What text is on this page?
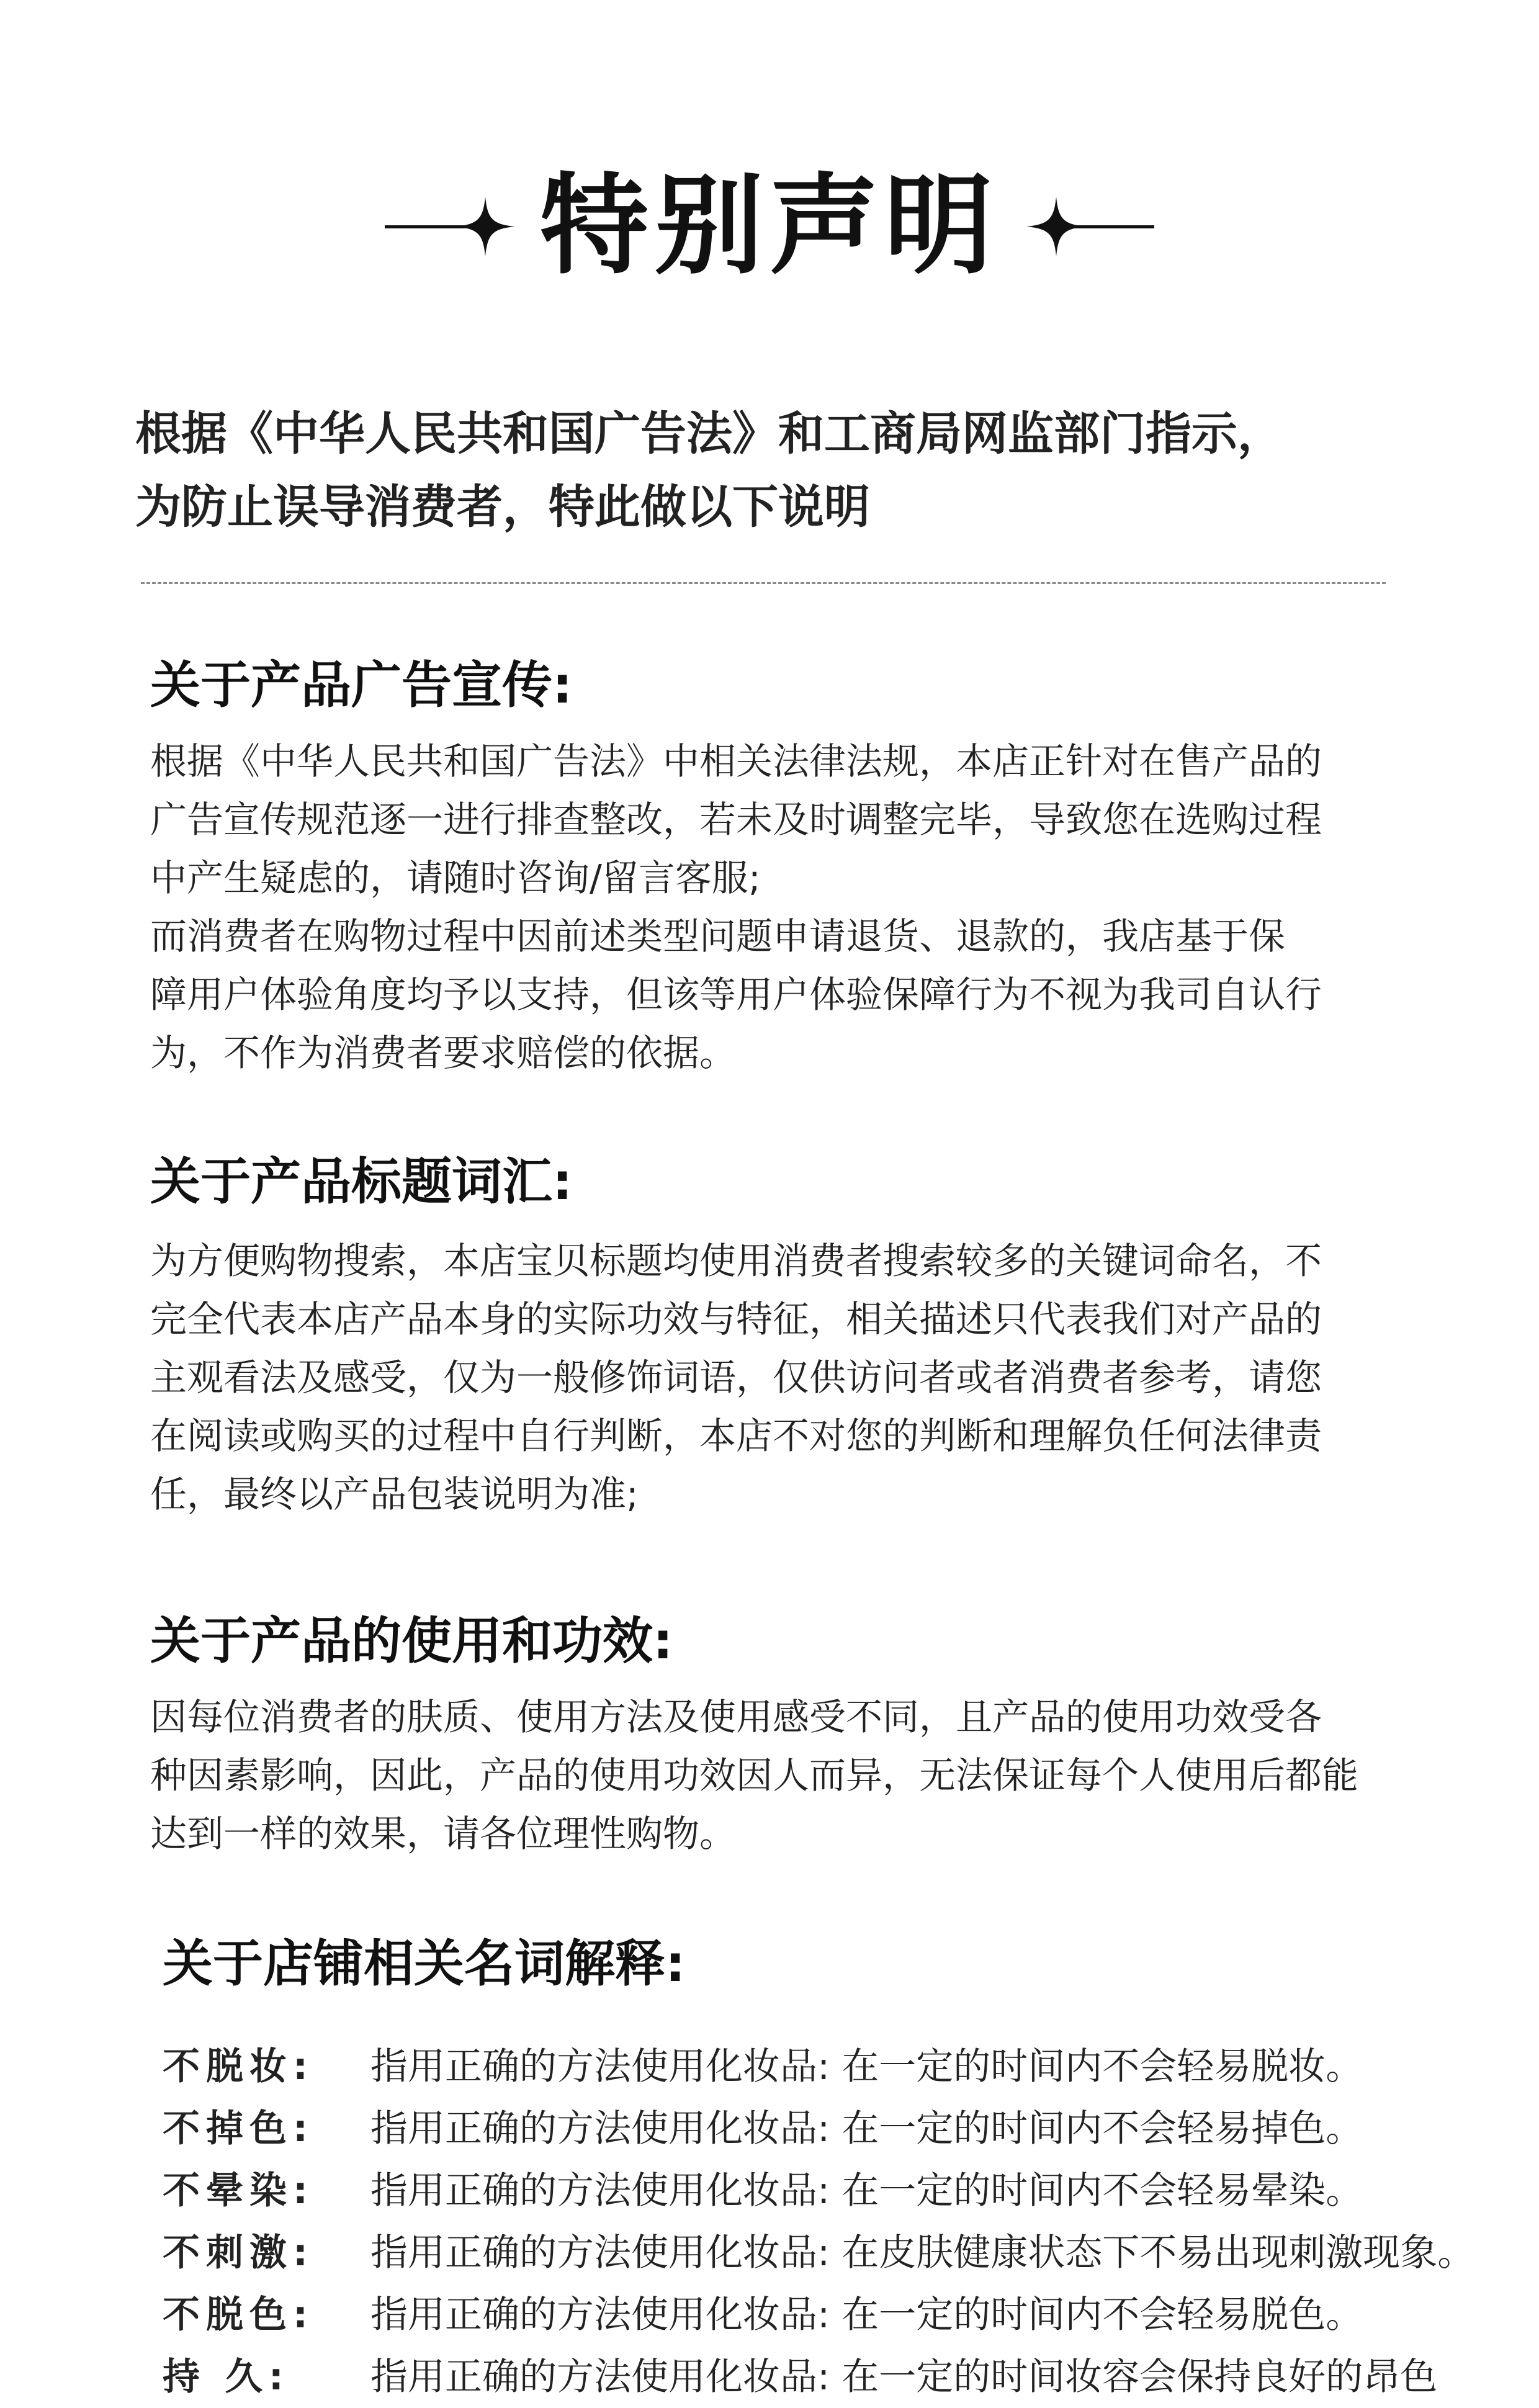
特别声明
根据《中华人民共和国广告法》和工商局网监部门指示，
为防止误导消费者，特此做以下说明
关于产品广告宣传:
根据《中华人民共和国广告法》中相关法律法规，本店正针对在售产品的
广告宣传规范逐一进行排查整改，若未及时调整完毕，导致您在选购过程
中产生疑虑的，请随时咨询/留言客服;
而消费者在购物过程中因前述类型问题申请退货、退款的，我店基于保
障用户体验角度均予以支持，但该等用户体验保障行为不视为我司自认行
为，不作为消费者要求赔偿的依据。
关于产品标题词汇:
为方便购物搜索，本店宝贝标题均使用消费者搜索较多的关键词命名，不
完全代表本店产品本身的实际功效与特征，相关描述只代表我们对产品的
主观看法及感受，仅为一般修饰词语，仅供访问者或者消费者参考，请您
在阅读或购买的过程中自行判断，本店不对您的判断和理解负任何法律责
任，最终以产品包装说明为准;
关于产品的使用和功效:
因每位消费者的肤质、使用方法及使用感受不同，且产品的使用功效受各
种因素影响，因此，产品的使用功效因人而异，无法保证每个人使用后都能
达到一样的效果，请各位理性购物。
关于店铺相关名词解释:
不脱妆: 指用正确的方法使用化妆品: 在一定的时间内不会轻易脱妆。
不掉色: 指用正确的方法使用化妆品: 在一定的时间内不会轻易掉色。
不晕染: 指用正确的方法使用化妆品: 在一定的时间内不会轻易晕染。
不刺激: 指用正确的方法使用化妆品: 在皮肤健康状态下不易出现刺激现象。
不脱色: 指用正确的方法使用化妆品: 在一定的时间内不会轻易脱色。
持 久:	指用正确的方法使用化妆品: 在一定的时间妆容会保持良好的昂色
